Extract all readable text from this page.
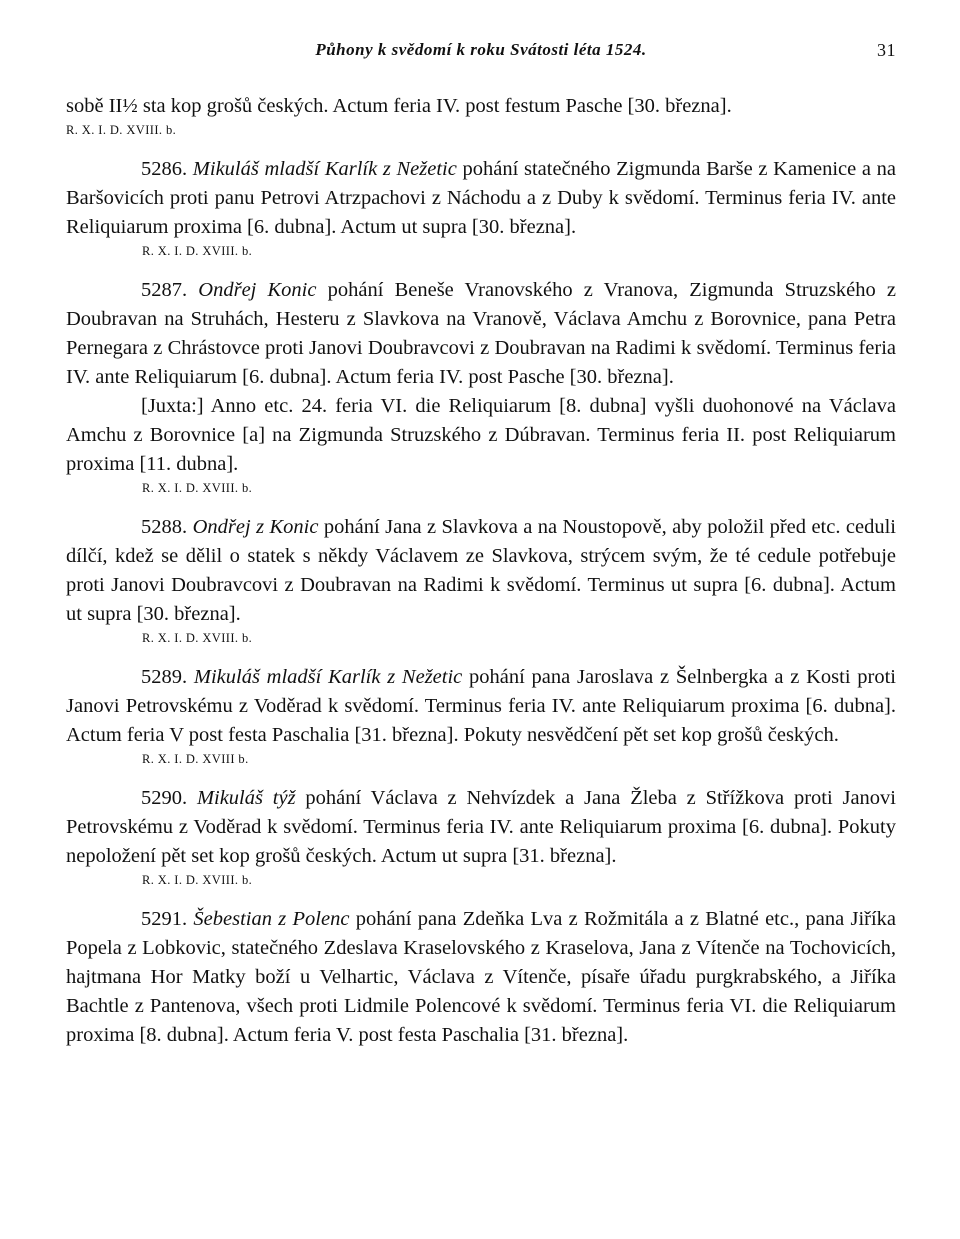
Půhony k svědomí k roku Svátosti léta 1524.	31

sobě II½ sta kop grošů českých. Actum feria IV. post festum Pasche [30. března].

R. X. I. D. XVIII. b.

5286. Mikuláš mladší Karlík z Nežetic pohání statečného Zigmunda Barše z Kamenice a na Baršovicích proti panu Petrovi Atrzpachovi z Náchodu a z Duby k svědomí. Terminus feria IV. ante Reliquiarum proxima [6. dubna]. Actum ut supra [30. března].

R. X. I. D. XVIII. b.

5287. Ondřej Konic pohání Beneše Vranovského z Vranova, Zigmunda Struzského z Doubravan na Struhách, Hesteru z Slavkova na Vranově, Václava Amchu z Borovnice, pana Petra Pernegara z Chrástovce proti Janovi Doubravcovi z Doubravan na Radimi k svědomí. Terminus feria IV. ante Reliquiarum [6. dubna]. Actum feria IV. post Pasche [30. března].

[Juxta:] Anno etc. 24. feria VI. die Reliquiarum [8. dubna] vyšli duohonové na Václava Amchu z Borovnice [a] na Zigmunda Struzského z Dúbravan. Terminus feria II. post Reliquiarum proxima [11. dubna].

R. X. I. D. XVIII. b.

5288. Ondřej z Konic pohání Jana z Slavkova a na Noustopově, aby položil před etc. ceduli dílčí, kdež se dělil o statek s někdy Václavem ze Slavkova, strýcem svým, že té cedule potřebuje proti Janovi Doubravcovi z Doubravan na Radimi k svědomí. Terminus ut supra [6. dubna]. Actum ut supra [30. března].

R. X. I. D. XVIII. b.

5289. Mikuláš mladší Karlík z Nežetic pohání pana Jaroslava z Šelnbergka a z Kosti proti Janovi Petrovskému z Voděrad k svědomí. Terminus feria IV. ante Reliquiarum proxima [6. dubna]. Actum feria V post festa Paschalia [31. března]. Pokuty nesvědčení pět set kop grošů českých.

R. X. I. D. XVIII b.

5290. Mikuláš týž pohání Václava z Nehvízdek a Jana Žleba z Střížkova proti Janovi Petrovskému z Voděrad k svědomí. Terminus feria IV. ante Reliquiarum proxima [6. dubna]. Pokuty nepoložení pět set kop grošů českých. Actum ut supra [31. března].

R. X. I. D. XVIII. b.

5291. Šebestian z Polenc pohání pana Zdeňka Lva z Rožmitála a z Blatné etc., pana Jiříka Popela z Lobkovic, statečného Zdeslava Kraselovského z Kraselova, Jana z Vítenče na Tochovicích, hajtmana Hor Matky boží u Velhartic, Václava z Vítenče, písaře úřadu purgkrabského, a Jiříka Bachtle z Pantenova, všech proti Lidmile Polencové k svědomí. Terminus feria VI. die Reliquiarum proxima [8. dubna]. Actum feria V. post festa Paschalia [31. března].
